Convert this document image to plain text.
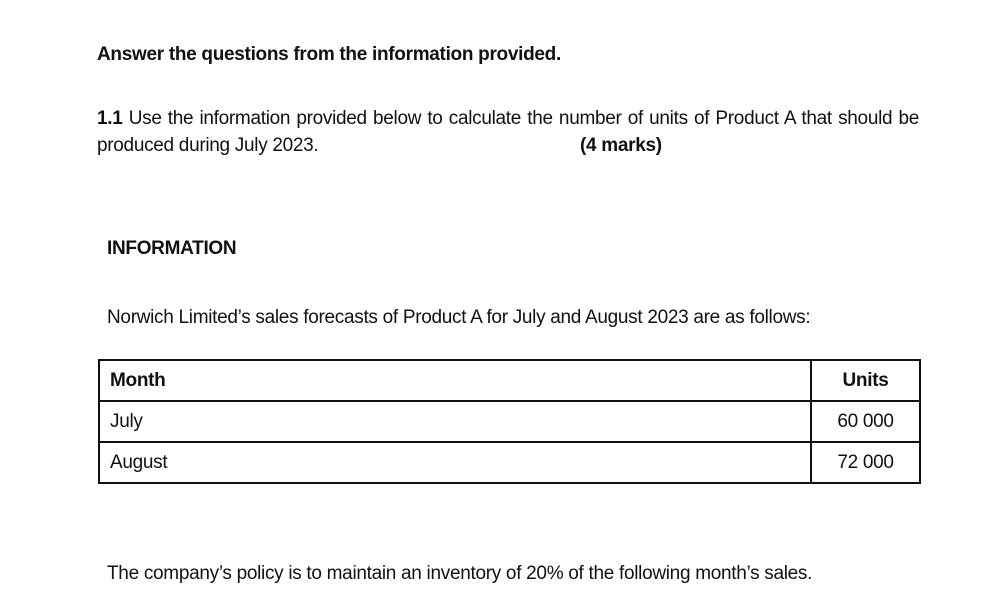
Answer the questions from the information provided.
1.1 Use the information provided below to calculate the number of units of Product A that should be
produced during July 2023.	(4 marks)
INFORMATION
Norwich Limited’s sales forecasts of Product A for July and August 2023 are as follows:
Month	Units
July	60 000
August	72 000
The company’s policy is to maintain an inventory of 20% of the following month’s sales.
